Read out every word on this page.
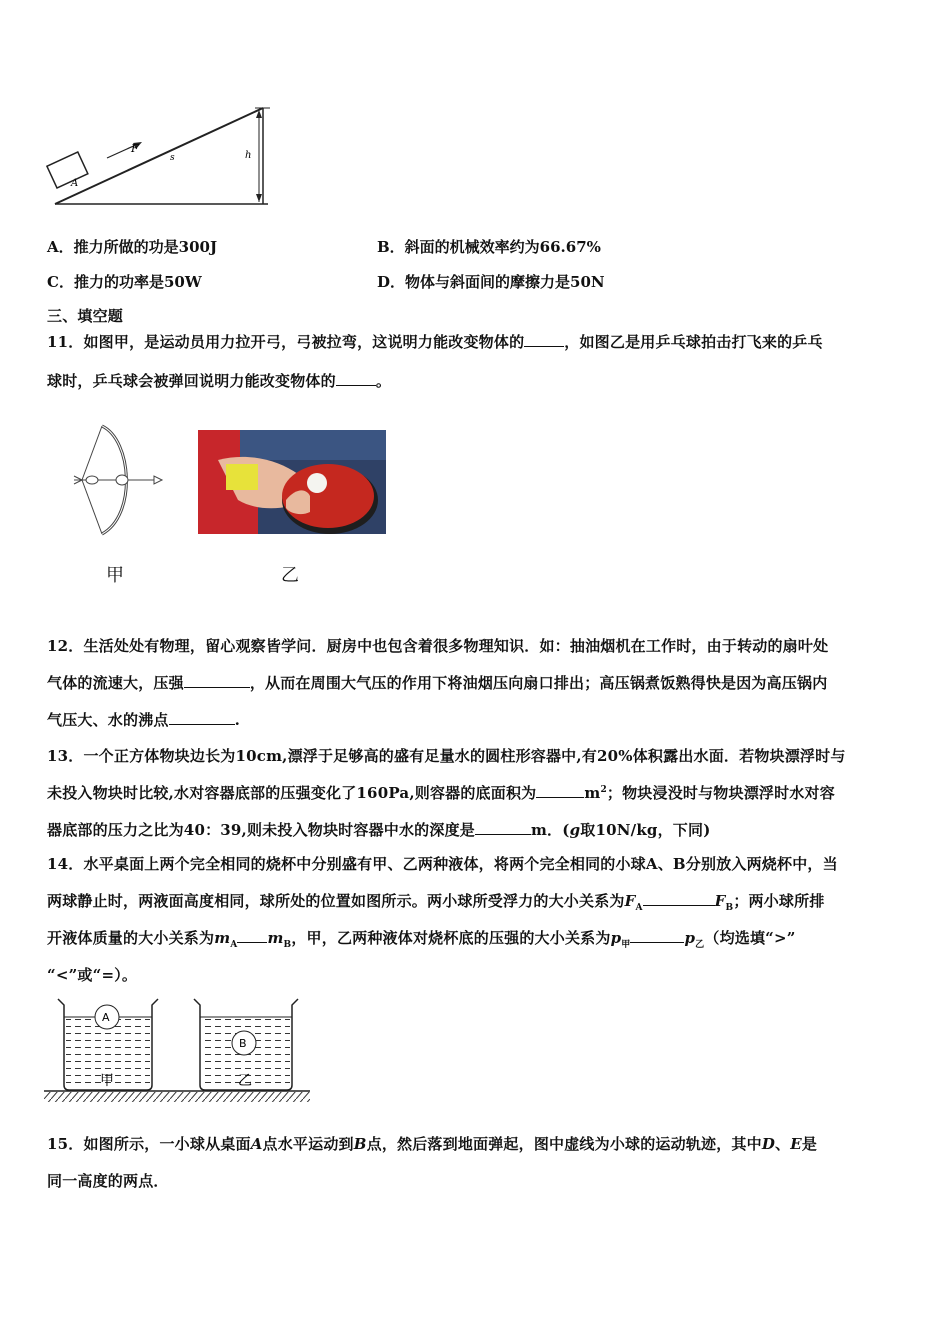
A
F
s	h
A．推力所做的功是300J	B．斜面的机械效率约为66.67%
C．推力的功率是50W	D．物体与斜面间的摩擦力是50N
三、填空题
11．如图甲，是运动员用力拉开弓，弓被拉弯，这说明力能改变物体的	，如图乙是用乒乓球拍击打飞来的乒乓
球时，乒乓球会被弹回说明力能改变物体的	。
甲	乙
12．生活处处有物理，留心观察皆学问．厨房中也包含着很多物理知识．如：抽油烟机在工作时，由于转动的扇叶处
气体的流速大，压强	，从而在周围大气压的作用下将油烟压向扇口排出；高压锅煮饭熟得快是因为高压锅内
气压大、水的沸点	.
13．一个正方体物块边长为10cm,漂浮于足够高的盛有足量水的圆柱形容器中,有20%体积露出水面．若物块漂浮时与
未投入物块时比较,水对容器底部的压强变化了160Pa,则容器的底面积为	$m^2$；物块浸没时与物块漂浮时水对容
器底部的压力之比为40：39,则未投入物块时容器中水的深度是	m．(g取10N/kg，下同)
14．水平桌面上两个完全相同的烧杯中分别盛有甲、乙两种液体，将两个完全相同的小球A、B分别放入两烧杯中，当
两球静止时，两液面高度相同，球所处的位置如图所示。两小球所受浮力的大小关系为$F_A$	$F_B$；两小球所排
开液体质量的大小关系为$m_A$ $m_B$，甲，乙两种液体对烧杯底的压强的大小关系为$p_甲$	$p_乙$（均选填“>”
“<”或“=）。
A
甲
B
乙
15．如图所示，一小球从桌面A点水平运动到B点，然后落到地面弹起，图中虚线为小球的运动轨迹，其中D、E是
同一高度的两点．
